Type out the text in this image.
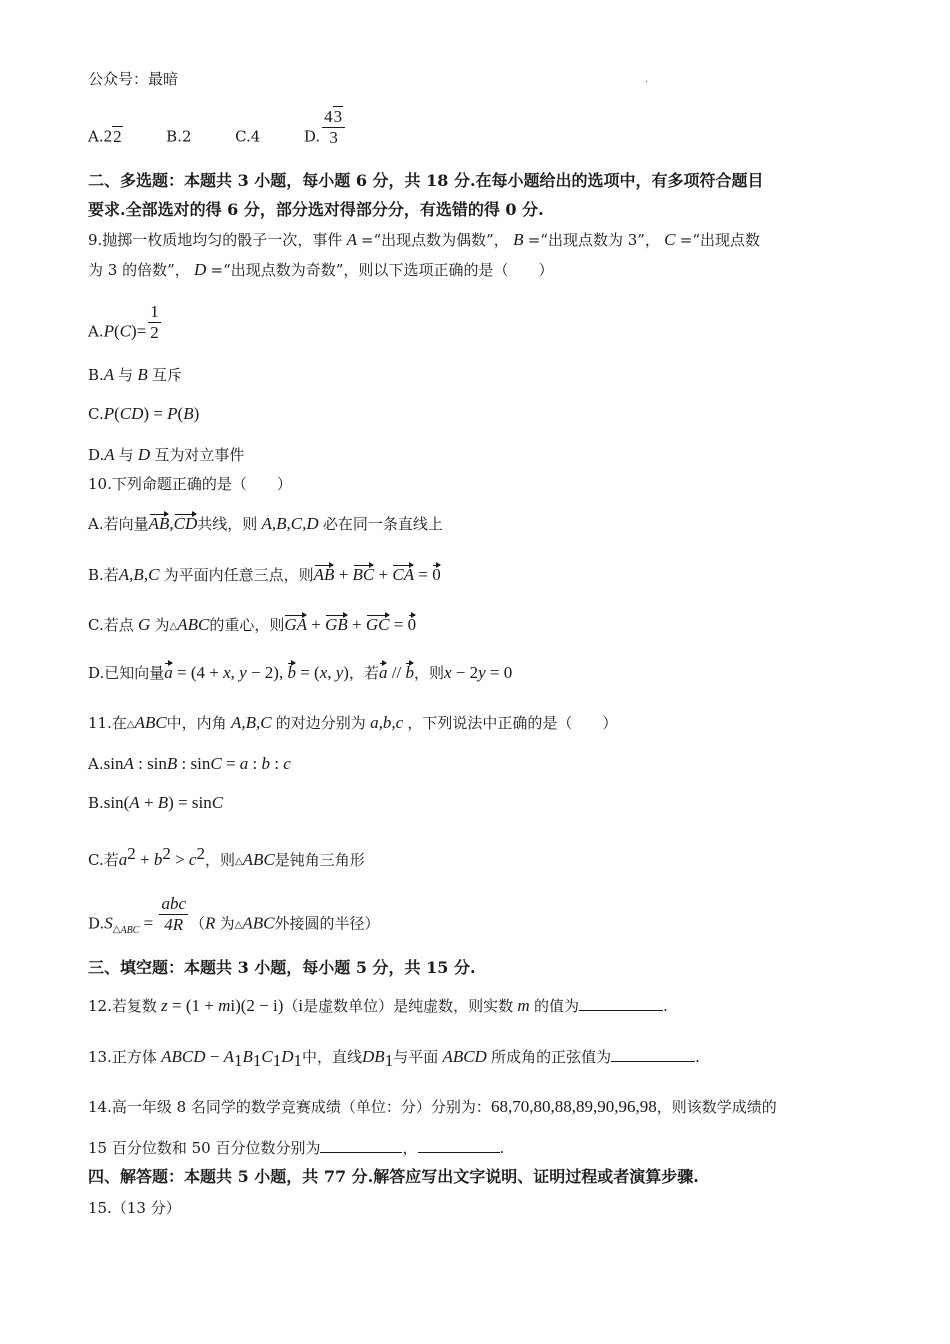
公众号：最暗	.
A.22	B.2	C.4	D. $\frac{43}{3}$
二、多选题：本题共 3 小题，每小题 6 分，共 18 分.在每小题给出的选项中，有多项符合题目
要求.全部选对的得 6 分，部分选对得部分分，有选错的得 0 分.
9.抛掷一枚质地均匀的骰子一次，事件 A =“出现点数为偶数”， B =“出现点数为 3”， C =“出现点数
为 3 的倍数”， D =“出现点数为奇数”，则以下选项正确的是（　　）
$A.P(C)= \frac{1}{2}$
B.A 与 B 互斥
C.P(CD) = P(B)
D.A 与 D 互为对立事件
10.下列命题正确的是（　　）
A.若向量AB,CD共线，则 A,B,C,D 必在同一条直线上
B.若A,B,C 为平面内任意三点，则AB + BC + CA = 0
C.若点 G 为△ABC的重心，则GA + GB + GC = 0
D.已知向量a = (4 + x, y − 2), b = (x, y)，若a // b，则x − 2y = 0
11.在△ABC中，内角 A,B,C 的对边分别为 a,b,c ，下列说法中正确的是（　　）
A.sinA : sinB : sinC = a : b : c
B.sin(A + B) = sinC
C.若$a^2 + b^2 > c^2$，则△ABC是钝角三角形
$D.S_{\triangle ABC} = \frac{\text{abc}}{4R} (R$ 为△ABC外接圆的半径）
三、填空题：本题共 3 小题，每小题 5 分，共 15 分.
12.若复数 z = (1 + mi)(2 − i)（i是虚数单位）是纯虚数，则实数 m 的值为	.
13.正方体 ABCD − $A_1B_1C_1D_1$中，直线$DB_1$与平面 ABCD 所成角的正弦值为	.
14.高一年级 8 名同学的数学竞赛成绩（单位：分）分别为：68,70,80,88,89,90,96,98，则该数学成绩的
15 百分位数和 50 百分位数分别为	，	.
四、解答题：本题共 5 小题，共 77 分.解答应写出文字说明、证明过程或者演算步骤.
15.（13 分）
